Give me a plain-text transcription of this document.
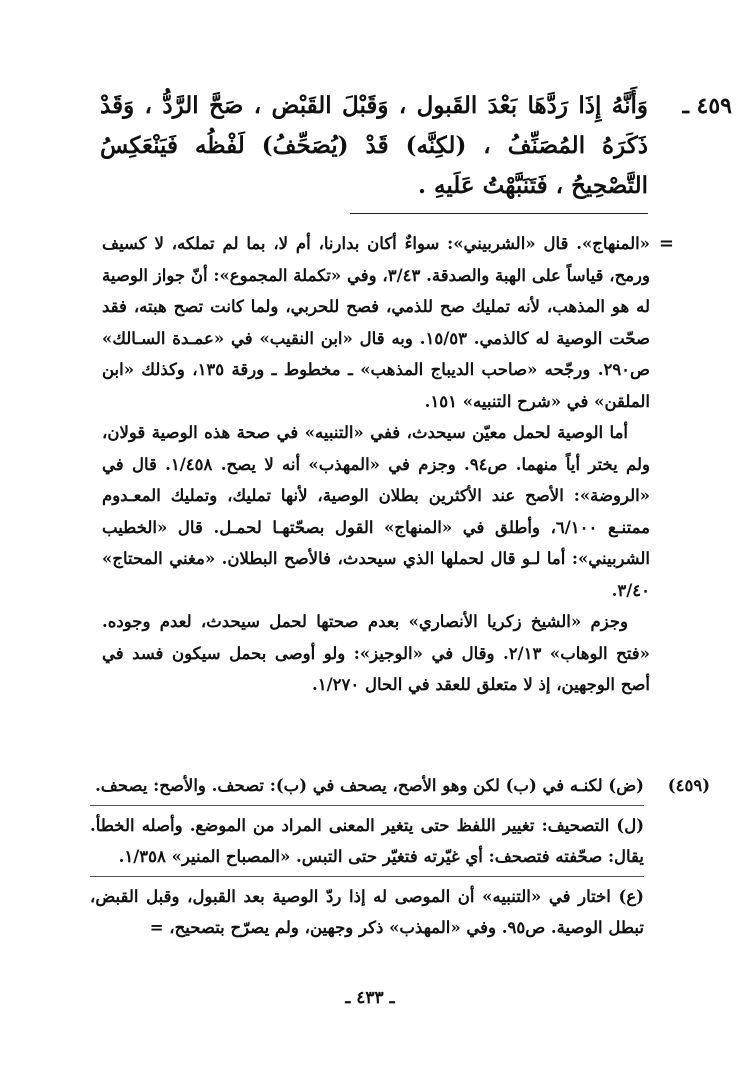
٤٥٩ ـ
وَأَنَّهُ إِذَا رَدَّهَا بَعْدَ القَبول ، وَقَبْلَ القَبْض ، صَحَّ الرَّدُّ ، وَقَدْ ذَكَرَهُ المُصَنِّفُ ، (لكِنَّه) قَدْ (يُصَحِّفُ) لَفْظُه فَيَنْعَكِسُ التَّصْحِيحُ ، فَتَنَبَّهْتُ عَلَيهِ .
=

«المنهاج». قال «الشربيني»: سواءٌ أكان بدارنا، أم لا، بما لم تملكه، لا كسيف ورمح، قياساً على الهبة والصدقة. ٣/٤٣، وفي «تكملة المجموع»: أنّ جواز الوصية له هو المذهب، لأنه تمليك صح للذمي، فصح للحربي، ولما كانت تصح هبته، فقد صحّت الوصية له كالذمي. ١٥/٥٣. وبه قال «ابن النقيب» في «عمـدة السـالك» ص٢٩٠. ورجّحه «صاحب الديباج المذهب» ـ مخطوط ـ ورقة ١٣٥، وكذلك «ابن الملقن» في «شرح التنبيه» ١٥١.

أما الوصية لحمل معيّن سيحدث، ففي «التنبيه» في صحة هذه الوصية قولان، ولم يختر أياً منهما. ص٩٤. وجزم في «المهذب» أنه لا يصح. ١/٤٥٨. قال في «الروضة»: الأصح عند الأكثرين بطلان الوصية، لأنها تمليك، وتمليك المعـدوم ممتنـع ٦/١٠٠، وأطلق في «المنهاج» القول بصحّتهـا لحمـل. قال «الخطيب الشربيني»: أما لـو قال لحملها الذي سيحدث، فالأصح البطلان. «مغني المحتاج» ٣/٤٠.

وجزم «الشيخ زكريا الأنصاري» بعدم صحتها لحمل سيحدث، لعدم وجوده. «فتح الوهاب» ٢/١٣. وقال في «الوجيز»: ولو أوصى بحمل سيكون فسد في أصح الوجهين، إذ لا متعلق للعقد في الحال ١/٢٧٠.

(٤٥٩)

(ض) لكنـه في (ب) لكن وهو الأصح، يصحف في (ب): تصحف. والأصح: يصحف.

(ل) التصحيف: تغيير اللفظ حتى يتغير المعنى المراد من الموضع. وأصله الخطأ. يقال: صحّفته فتصحف: أي غيّرته فتغيّر حتى التبس. «المصباح المنير» ١/٣٥٨.

(ع) اختار في «التنبيه» أن الموصى له إذا ردّ الوصية بعد القبول، وقبل القبض، تبطل الوصية. ص٩٥. وفي «المهذب» ذكر وجهين، ولم يصرّح بتصحيح، =

ـ ٤٣٣ ـ
